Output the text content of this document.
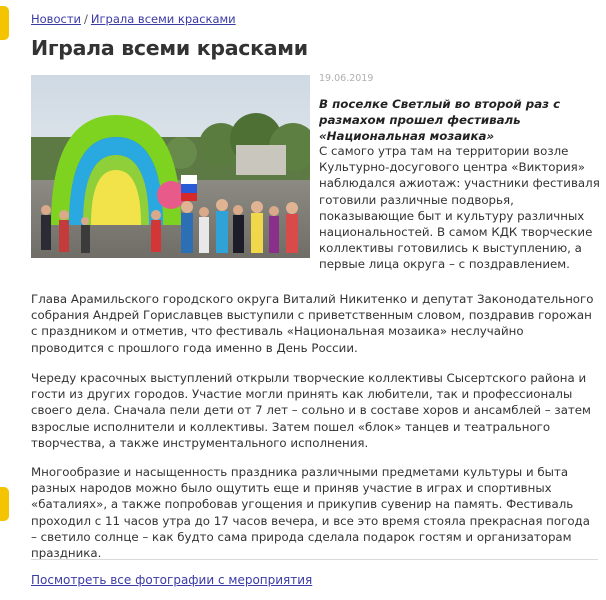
Новости / Играла всеми красками
Играла всеми красками
19.06.2019

В поселке Светлый во второй раз с размахом прошел фестиваль «Национальная мозаика»

С самого утра там на территории возле Культурно-досугового центра «Виктория» наблюдался ажиотаж: участники фестиваля готовили различные подворья, показывающие быт и культуру различных национальностей. В самом КДК творческие коллективы готовились к выступлению, а первые лица округа – с поздравлением.

Глава Арамильского городского округа Виталий Никитенко и депутат Законодательного собрания Андрей Гориславцев выступили с приветственным словом, поздравив горожан с праздником и отметив, что фестиваль «Национальная мозаика» неслучайно проводится с прошлого года именно в День России.

Череду красочных выступлений открыли творческие коллективы Сысертского района и гости из других городов. Участие могли принять как любители, так и профессионалы своего дела. Сначала пели дети от 7 лет – сольно и в составе хоров и ансамблей – затем взрослые исполнители и коллективы. Затем пошел «блок» танцев и театрального творчества, а также инструментального исполнения.

Многообразие и насыщенность праздника различными предметами культуры и быта разных народов можно было ощутить еще и приняв участие в играх и спортивных «баталиях», а также попробовав угощения и прикупив сувенир на память. Фестиваль проходил с 11 часов утра до 17 часов вечера, и все это время стояла прекрасная погода – светило солнце – как будто сама природа сделала подарок гостям и организаторам праздника.

Посмотреть все фотографии с мероприятия
